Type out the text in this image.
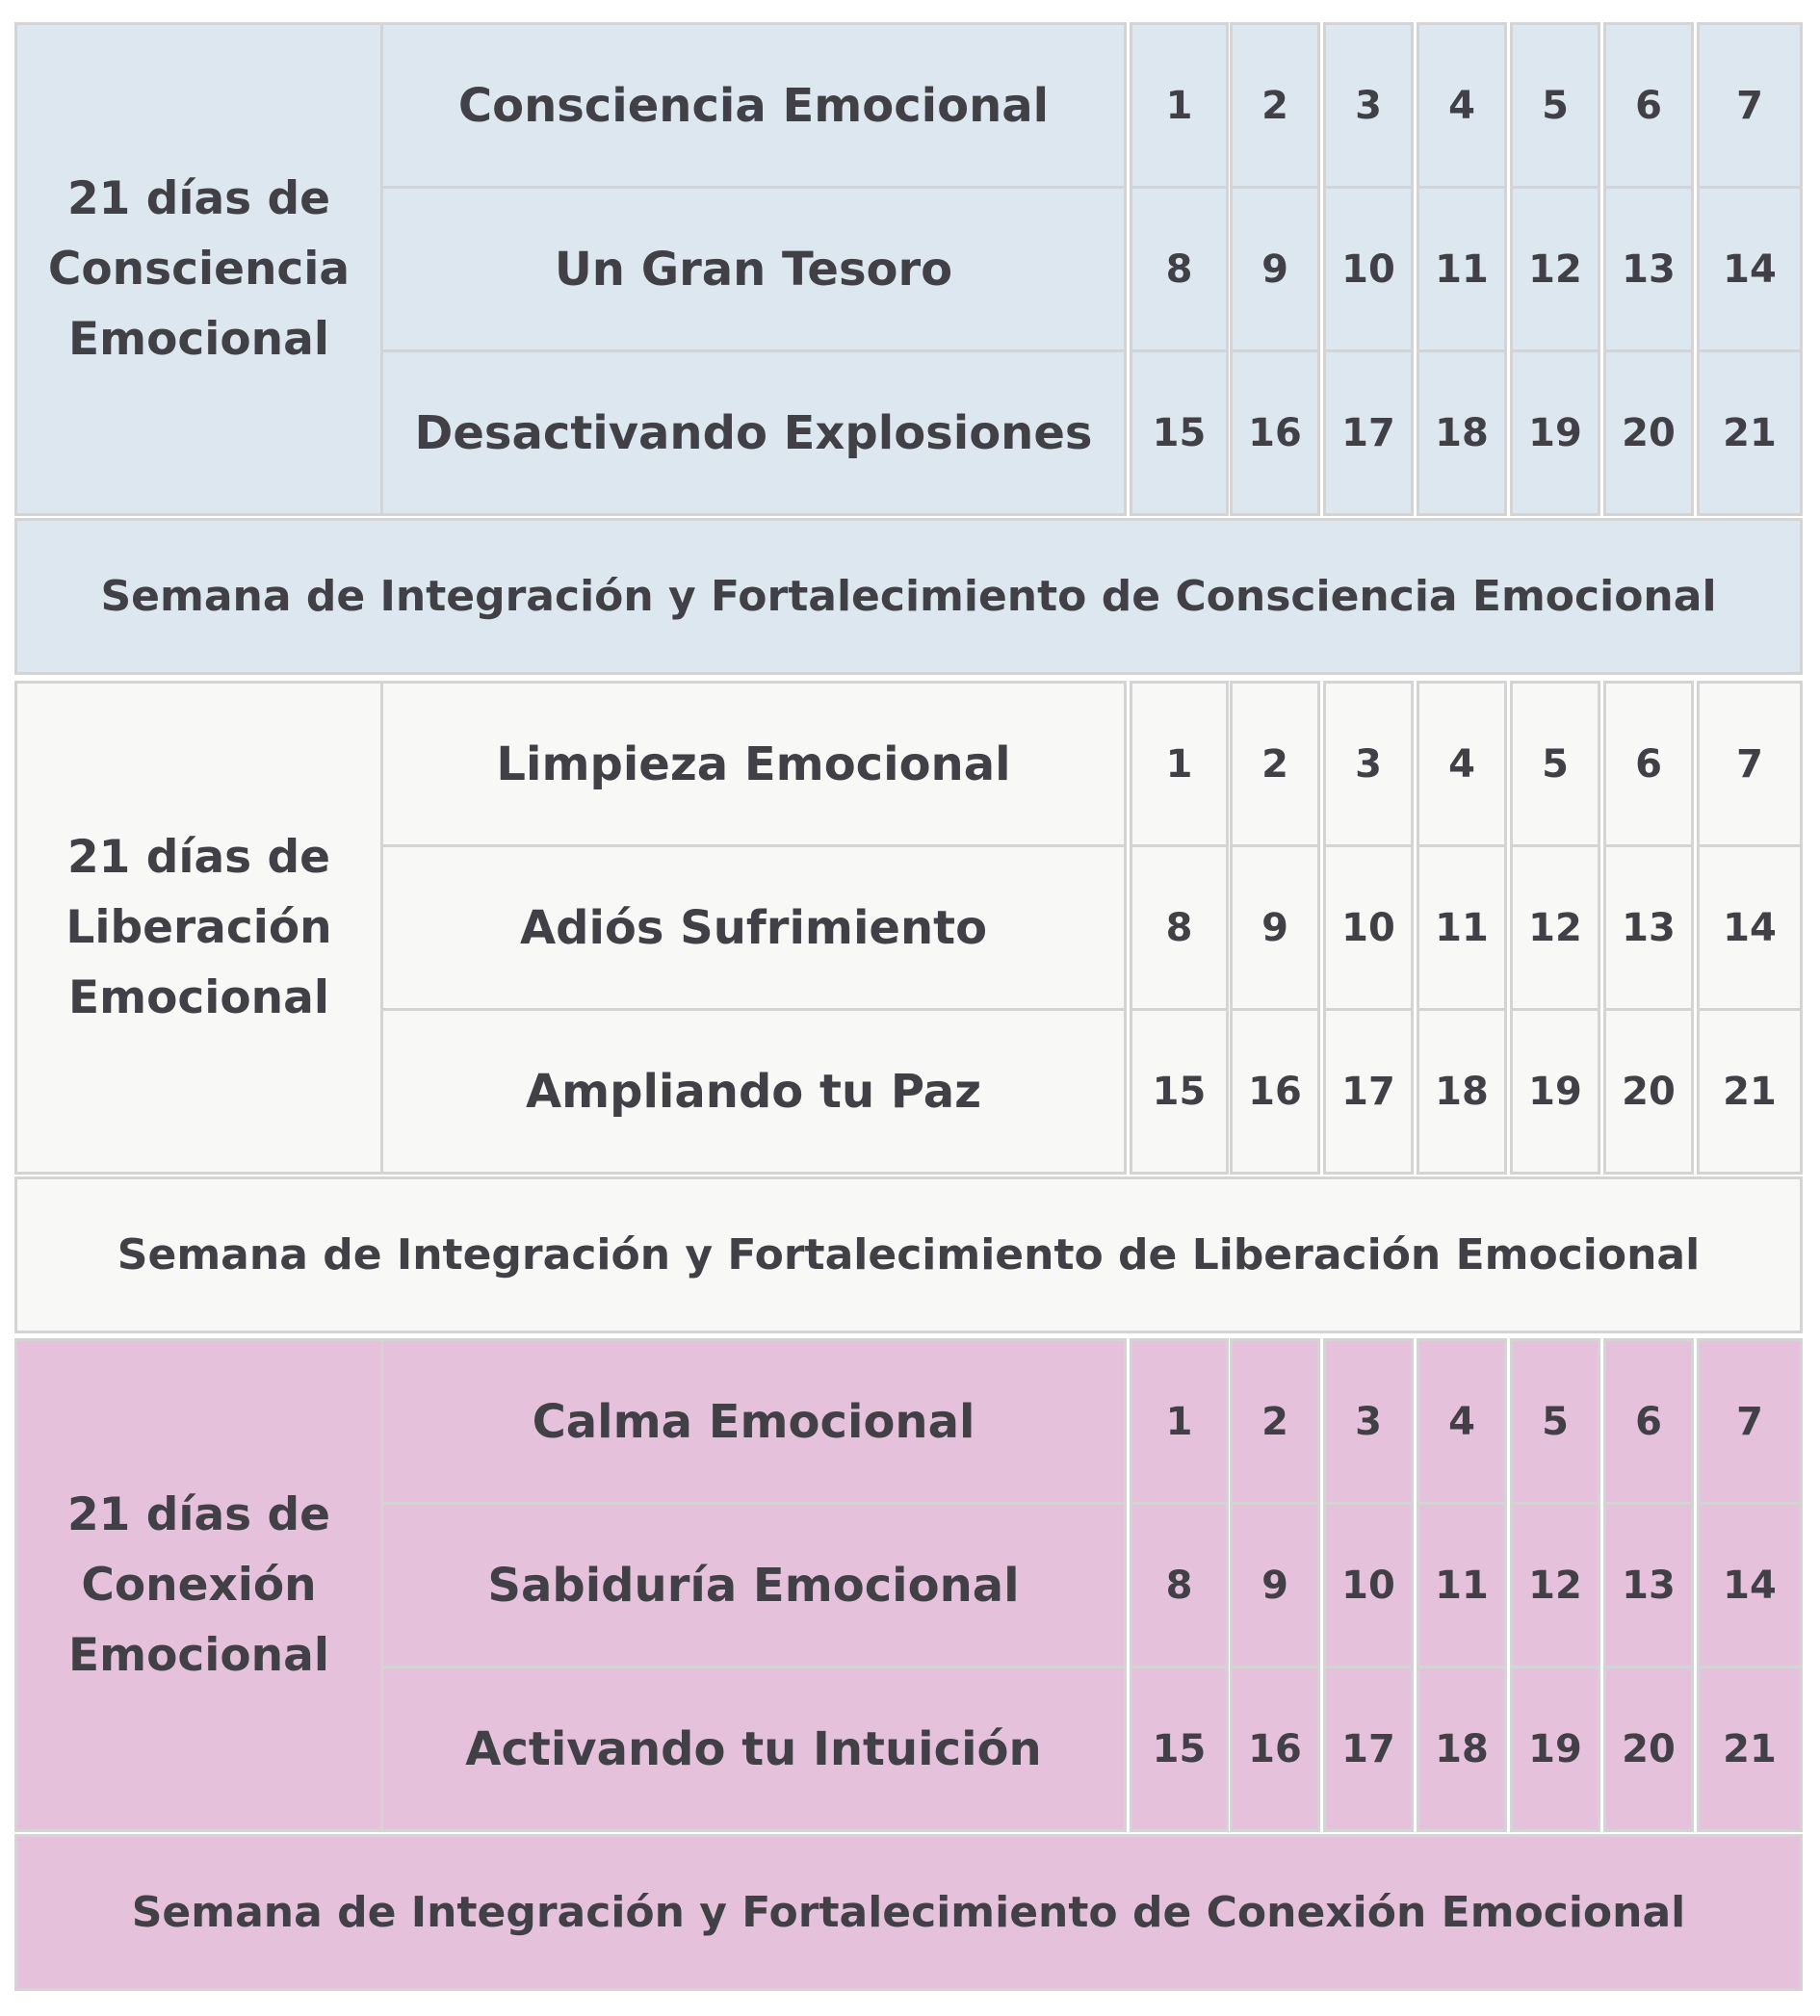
21 días de Consciencia Emocional
Consciencia Emocional	1	2	3	4	5	6	7
Un Gran Tesoro	8	9	10	11	12	13	14
Desactivando Explosiones	15	16	17	18	19	20	21
Semana de Integración y Fortalecimiento de Consciencia Emocional
21 días de Liberación Emocional
Limpieza Emocional	1	2	3	4	5	6	7
Adiós Sufrimiento	8	9	10	11	12	13	14
Ampliando tu Paz	15	16	17	18	19	20	21
Semana de Integración y Fortalecimiento de Liberación Emocional
21 días de Conexión Emocional
Calma Emocional	1	2	3	4	5	6	7
Sabiduría Emocional	8	9	10	11	12	13	14
Activando tu Intuición	15	16	17	18	19	20	21
Semana de Integración y Fortalecimiento de Conexión Emocional
